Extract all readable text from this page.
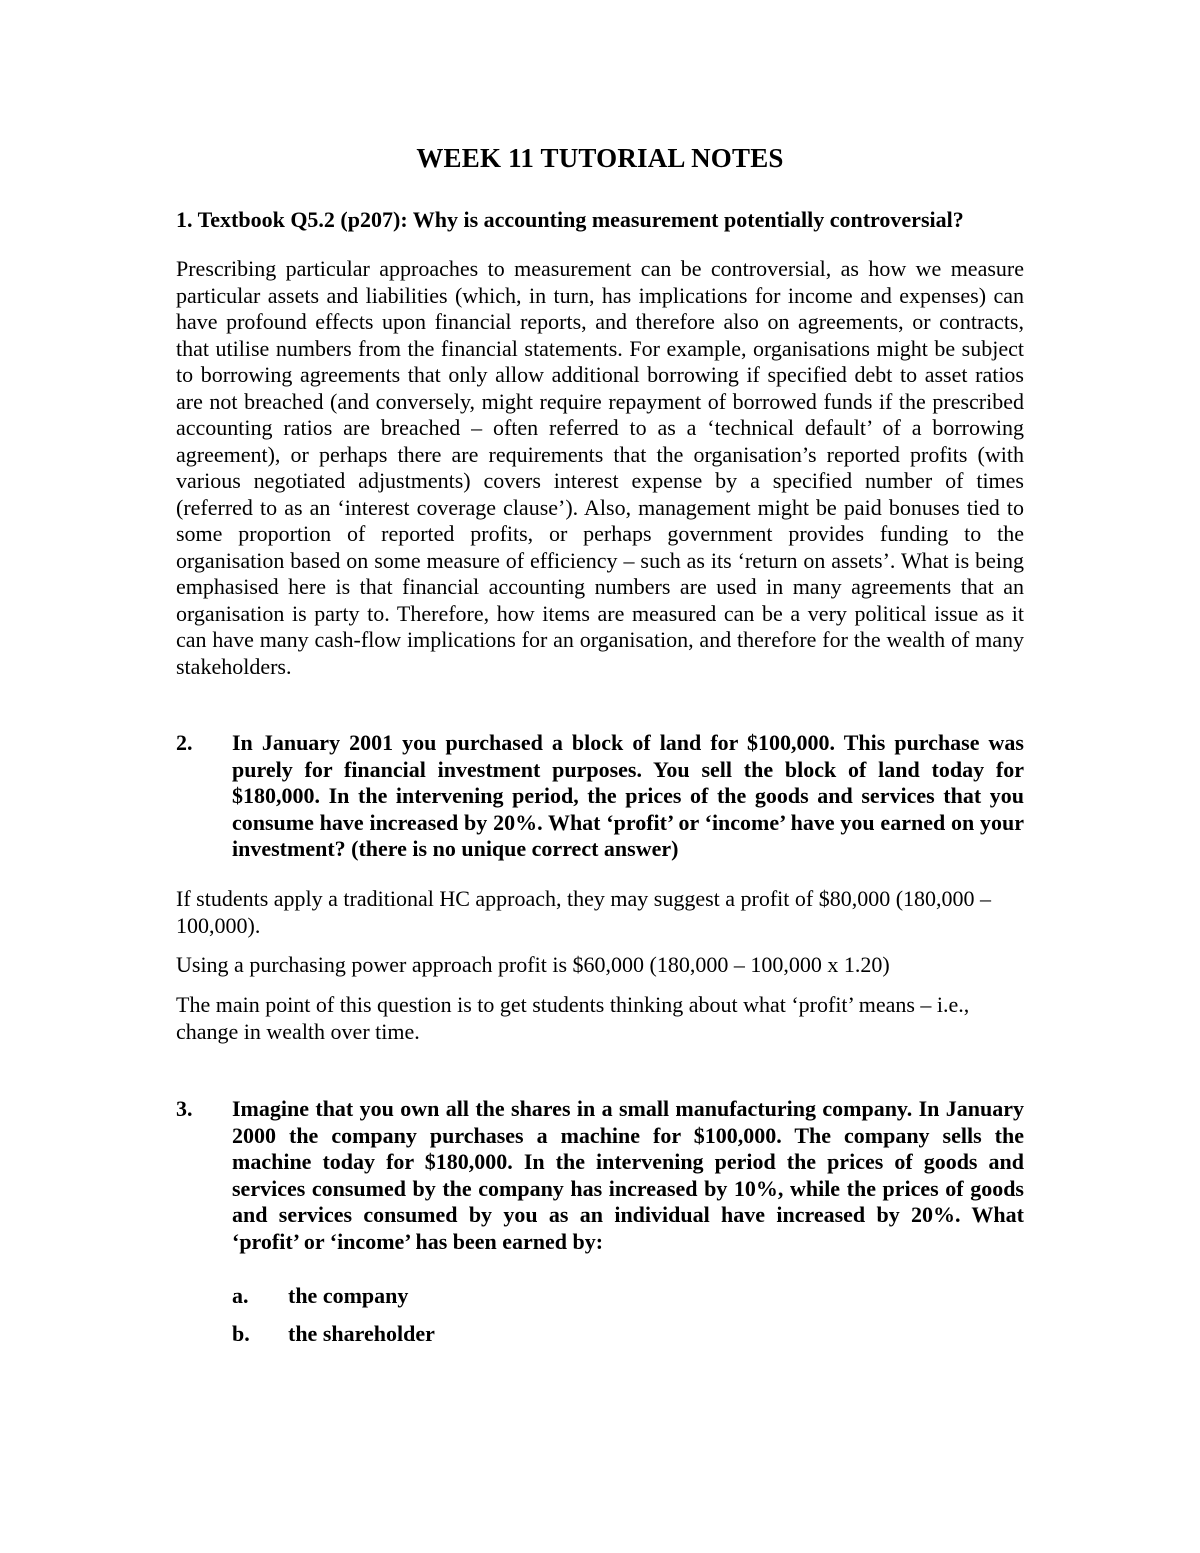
WEEK 11 TUTORIAL NOTES
1. Textbook Q5.2 (p207): Why is accounting measurement potentially controversial?
Prescribing particular approaches to measurement can be controversial, as how we measure particular assets and liabilities (which, in turn, has implications for income and expenses) can have profound effects upon financial reports, and therefore also on agreements, or contracts, that utilise numbers from the financial statements. For example, organisations might be subject to borrowing agreements that only allow additional borrowing if specified debt to asset ratios are not breached (and conversely, might require repayment of borrowed funds if the prescribed accounting ratios are breached – often referred to as a ‘technical default’ of a borrowing agreement), or perhaps there are requirements that the organisation’s reported profits (with various negotiated adjustments) covers interest expense by a specified number of times (referred to as an ‘interest coverage clause’). Also, management might be paid bonuses tied to some proportion of reported profits, or perhaps government provides funding to the organisation based on some measure of efficiency – such as its ‘return on assets’. What is being emphasised here is that financial accounting numbers are used in many agreements that an organisation is party to. Therefore, how items are measured can be a very political issue as it can have many cash-flow implications for an organisation, and therefore for the wealth of many stakeholders.
2. In January 2001 you purchased a block of land for $100,000. This purchase was purely for financial investment purposes. You sell the block of land today for $180,000. In the intervening period, the prices of the goods and services that you consume have increased by 20%. What ‘profit’ or ‘income’ have you earned on your investment? (there is no unique correct answer)
If students apply a traditional HC approach, they may suggest a profit of $80,000 (180,000 – 100,000).
Using a purchasing power approach profit is $60,000 (180,000 – 100,000 x 1.20)
The main point of this question is to get students thinking about what ‘profit’ means – i.e., change in wealth over time.
3. Imagine that you own all the shares in a small manufacturing company. In January 2000 the company purchases a machine for $100,000. The company sells the machine today for $180,000. In the intervening period the prices of goods and services consumed by the company has increased by 10%, while the prices of goods and services consumed by you as an individual have increased by 20%. What ‘profit’ or ‘income’ has been earned by:
a. the company
b. the shareholder
